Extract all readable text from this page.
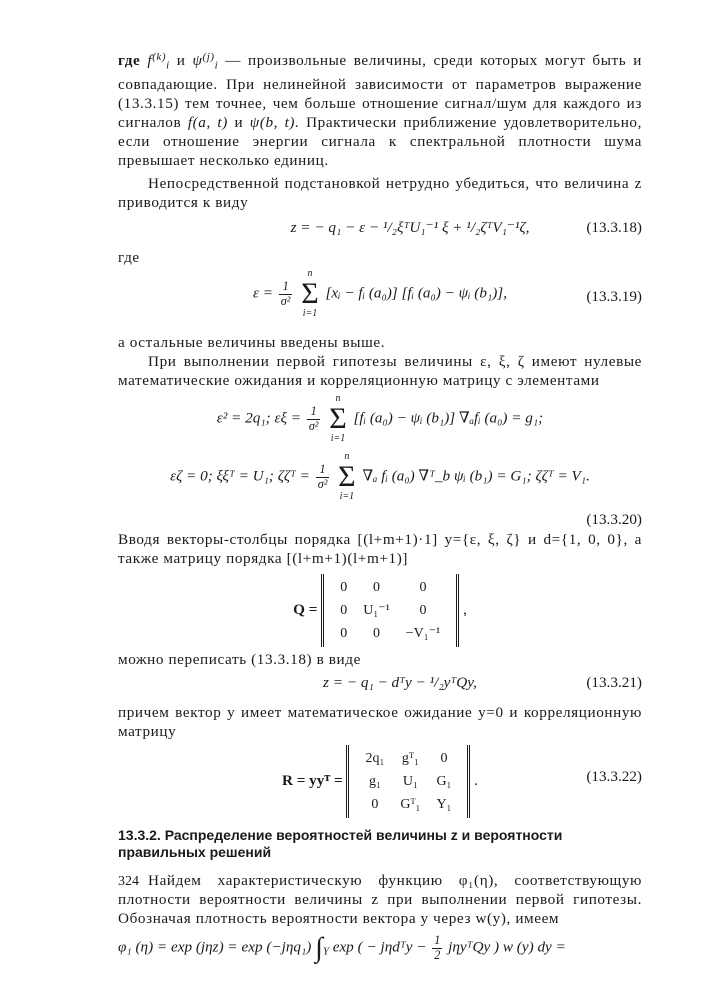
где $f^{(k)}_i$ и $\psi^{(j)}_i$ — произвольные величины, среди которых могут быть и совпадающие. При нелинейной зависимости от параметров выражение (13.3.15) тем точнее, чем больше отношение сигнал/шум для каждого из сигналов f(a, t) и ψ(b, t). Практически приближение удовлетворительно, если отношение энергии сигнала к спектральной плотности шума превышает несколько единиц.

Непосредственной подстановкой нетрудно убедиться, что величина z приводится к виду

z = − q₁ − ε − ¹/₂ξᵀU₁⁻¹ ξ + ¹/₂ζᵀV₁⁻¹ζ,	(13.3.18)

где

$\varepsilon = \frac{1}{\text{σ²}}$

n
Σ
i=1
[xᵢ − fᵢ (a₀)] [fᵢ (a₀) − ψᵢ (b₁)],	(13.3.19)

а остальные величины введены выше.

При выполнении первой гипотезы величины ε, ξ, ζ имеют нулевые математические ожидания и корреляционную матрицу с элементами

ε² = 2q₁; $\varepsilon\xi = \frac{1}{\text{σ²}}$

n
Σ
i=1
[fᵢ (a₀) − ψᵢ (b₁)] ∇ₐfᵢ (a₀) = g₁;
εζ = 0; ξξᵀ = U₁; ζζᵀ = $\frac{1}{\text{σ²}}$

n
Σ
i=1
∇ₐ fᵢ (a₀) ∇ᵀ_b ψᵢ (b₁) = G₁; ζζᵀ = V₁.
(13.3.20)

Вводя векторы-столбцы порядка [(l+m+1)·1] y={ε, ξ, ζ} и d={1, 0, 0}, а также матрицу порядка [(l+m+1)(l+m+1)]

Q =
0	0	0
0	U₁⁻¹	0
0	0	−V₁⁻¹
,

можно переписать (13.3.18) в виде

z = − q₁ − dᵀy − ¹/₂yᵀQy,	(13.3.21)

причем вектор y имеет математическое ожидание y=0 и корреляционную матрицу

R = yyᵀ =
2q₁	gᵀ₁	0
g₁	U₁	G₁
0	Gᵀ₁	Y₁
.	(13.3.22)

13.3.2. Распределение вероятностей величины z и вероятности правильных решений

Найдем характеристическую функцию φ₁(η), соответствующую плотности вероятности величины z при выполнении первой гипотезы. Обозначая плотность вероятности вектора y через w(y), имеем

φ₁ (η) = exp (jηz) = exp (−jηq₁) $\int_Y$ exp ( − jηdᵀy − $\frac{1}{2}$ jηyᵀQy ) w (y) dy =
324
